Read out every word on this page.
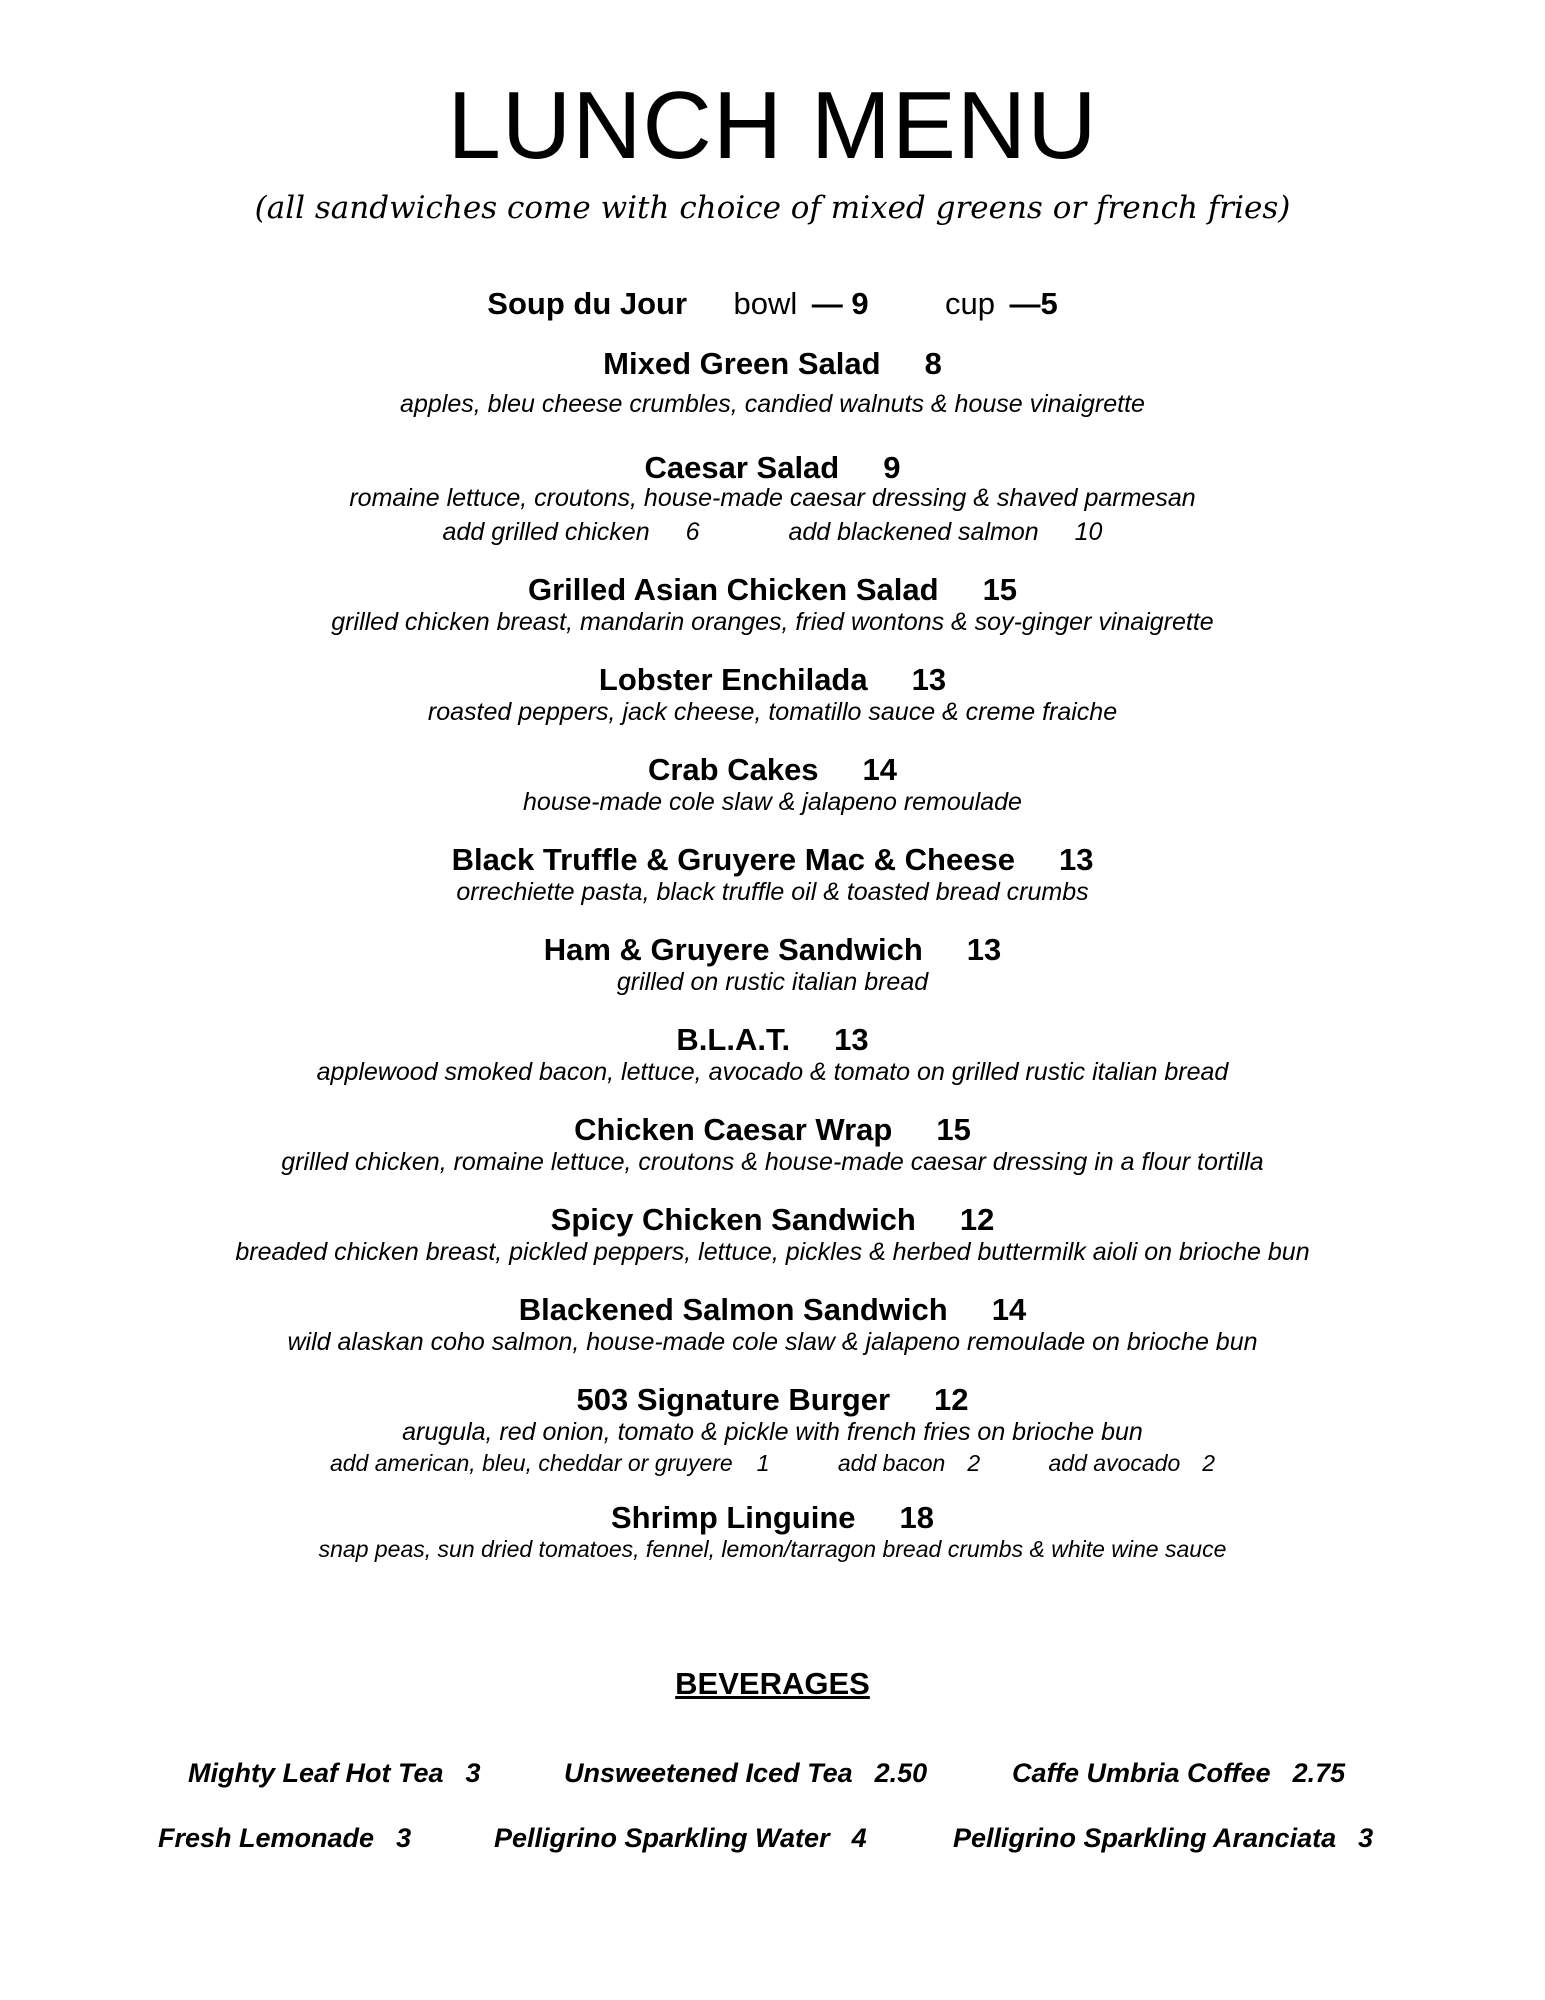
LUNCH MENU
(all sandwiches come with choice of mixed greens or french fries)
Soup du Jour bowl — 9 cup —5
Mixed Green Salad 8
apples, bleu cheese crumbles, candied walnuts & house vinaigrette
Caesar Salad 9
romaine lettuce, croutons, house-made caesar dressing & shaved parmesan
add grilled chicken 6	add blackened salmon 10
Grilled Asian Chicken Salad 15
grilled chicken breast, mandarin oranges, fried wontons & soy-ginger vinaigrette
Lobster Enchilada 13
roasted peppers, jack cheese, tomatillo sauce & creme fraiche
Crab Cakes 14
house-made cole slaw & jalapeno remoulade
Black Truffle & Gruyere Mac & Cheese 13
orrechiette pasta, black truffle oil & toasted bread crumbs
Ham & Gruyere Sandwich 13
grilled on rustic italian bread
B.L.A.T. 13
applewood smoked bacon, lettuce, avocado & tomato on grilled rustic italian bread
Chicken Caesar Wrap 15
grilled chicken, romaine lettuce, croutons & house-made caesar dressing in a flour tortilla
Spicy Chicken Sandwich 12
breaded chicken breast, pickled peppers, lettuce, pickles & herbed buttermilk aioli on brioche bun
Blackened Salmon Sandwich 14
wild alaskan coho salmon, house-made cole slaw & jalapeno remoulade on brioche bun
503 Signature Burger 12
arugula, red onion, tomato & pickle with french fries on brioche bun
add american, bleu, cheddar or gruyere 1	add bacon 2	add avocado 2
Shrimp Linguine 18
snap peas, sun dried tomatoes, fennel, lemon/tarragon bread crumbs & white wine sauce
BEVERAGES
Mighty Leaf Hot Tea 3	Unsweetened Iced Tea 2.50	Caffe Umbria Coffee 2.75
Fresh Lemonade 3	Pelligrino Sparkling Water 4	Pelligrino Sparkling Aranciata 3
